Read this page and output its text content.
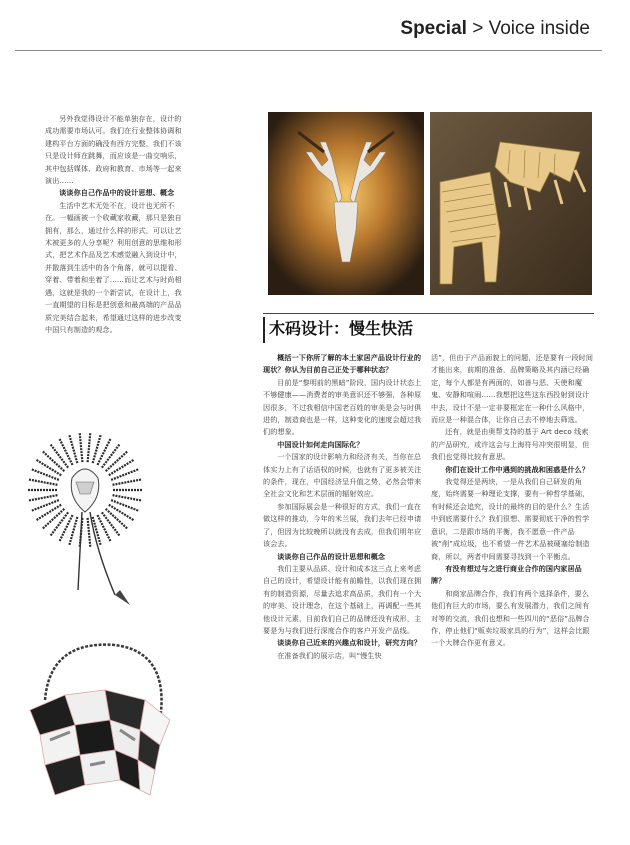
Special > Voice inside

另外我觉得设计不能单独存在，设计的成功需要市场认可。我们在行业整体协调和建构平台方面的确没有西方完整，我们不该只是设计师在跳舞，而应该是一曲交响乐，其中包括媒体、政府和教育、市场等一起来演出……

谈谈你自己作品中的设计思想、概念

生活中艺术无处不在，设计也无所不在。一幅画被一个收藏家收藏，那只是独自拥有，那么，通过什么样的形式，可以让艺术被更多的人分享呢？利用创意的思维和形式，把艺术作品及艺术感觉融入到设计中，并散落到生活中的各个角落，就可以提看、穿着、带着和坐着了……而让艺术与时尚相遇，这就是我的一个新尝试，在设计上，我一直期望的目标是把创意和最高端的产品品质完美结合起来，希望通过这样的进步改变中国只有制造的观念。	木码设计：慢生快活

概括一下你所了解的本土家居产品设计行业的现状？你认为目前自己正处于哪种状态？

目前是“黎明前的黑暗”阶段，国内设计状态上不够健康——消费者的审美意识还不够强，各种原因很多，不过我相信中国老百姓的审美是会与时俱进的，制造商也是一样，这种变化的速度会超过我们的想象。

中国设计如何走向国际化？

一个国家的设计影响力和经济有关，当你在总体实力上有了话语权的时候，也就有了更多被关注的条件，现在，中国经济呈升值之势，必然会带来全社会文化和艺术层面的辐射效应。

参加国际展会是一种很好的方式，我们一直在做这样的推动，今年的米兰展，我们去年已经申请了，但因为比较晚所以就没有去成，但我们明年应该会去。

谈谈你自己作品的设计思想和概念

我们主要从品质、设计和成本这三点上来考虑自己的设计，希望设计能有前瞻性，以我们现在拥有的制造资源，尽量去追求高品质，我们有一个大的审美、设计理念，在这个基础上，再调配一些其他设计元素，目前我们自己的品牌还没有成形，主要是为与我们进行深度合作的客户开发产品线。

谈谈你自己近来的兴趣点和设计，研究方向？

在准备我们的展示店，叫“慢生快

活”，但由于产品面貌上的问题，还是要有一段时间才能出来，前期的准备，品牌策略及其内涵已经确定，每个人都是有两面的，如善与恶、天使和魔鬼、安静和喧闹……我想把这些这东西投射到设计中去，设计不是一定非要框定在一种什么风格中，而应是一种混合体，让你自己去不停地去筛选。

还有，就是由奥帮支持的基于 Art deco 线索的产品研究，或许这会与上海符号冲突很明显，但我们也觉得比较有意思。

你们在设计工作中遇到的挑战和困惑是什么？

我觉得还是两块，一是从我们自己研发的角度，始终需要一种理论支撑，要有一种哲学基础，有时候还会追究，设计的最终的目的是什么？生活中到底需要什么？我们很想、需要彻底干净的哲学意识，二是跟市场的平衡，我不愿意一件产品被“削”成垃圾，也不希望一件艺术品被硬塞给制造商，所以，两者中间需要寻找到一个平衡点。

有没有想过与之进行商业合作的国内家居品牌？

和商家品牌合作，我们有两个选择条件，要么他们有巨大的市场，要么有发展潜力，我们之间有对等的交流，我们也想和一些四川的“恶俗”品牌合作，停止他们“贩卖垃圾家具的行为”，这样会比跟一个大牌合作更有意义。
